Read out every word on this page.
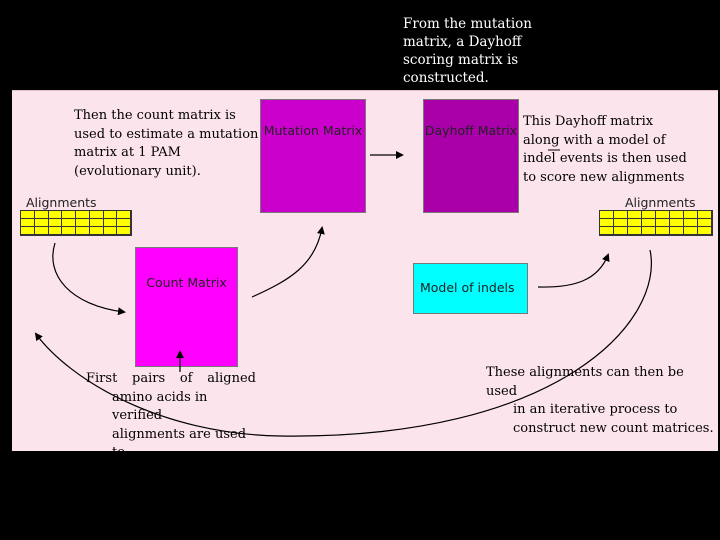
From the mutation
matrix, a Dayhoff
scoring matrix is
constructed.
Then the count matrix is
used to estimate a mutation
matrix at 1 PAM
(evolutionary unit).
Mutation Matrix	Dayhoff Matrix
This Dayhoff matrix
along with a model of
indel events is then used
to score new alignments
Alignments	Alignments
Count Matrix	Model of indels
First pairs of aligned
amino acids in verified
alignments are used to
build a count matrix
These alignments can then be used
in an iterative process to
construct new count matrices.
